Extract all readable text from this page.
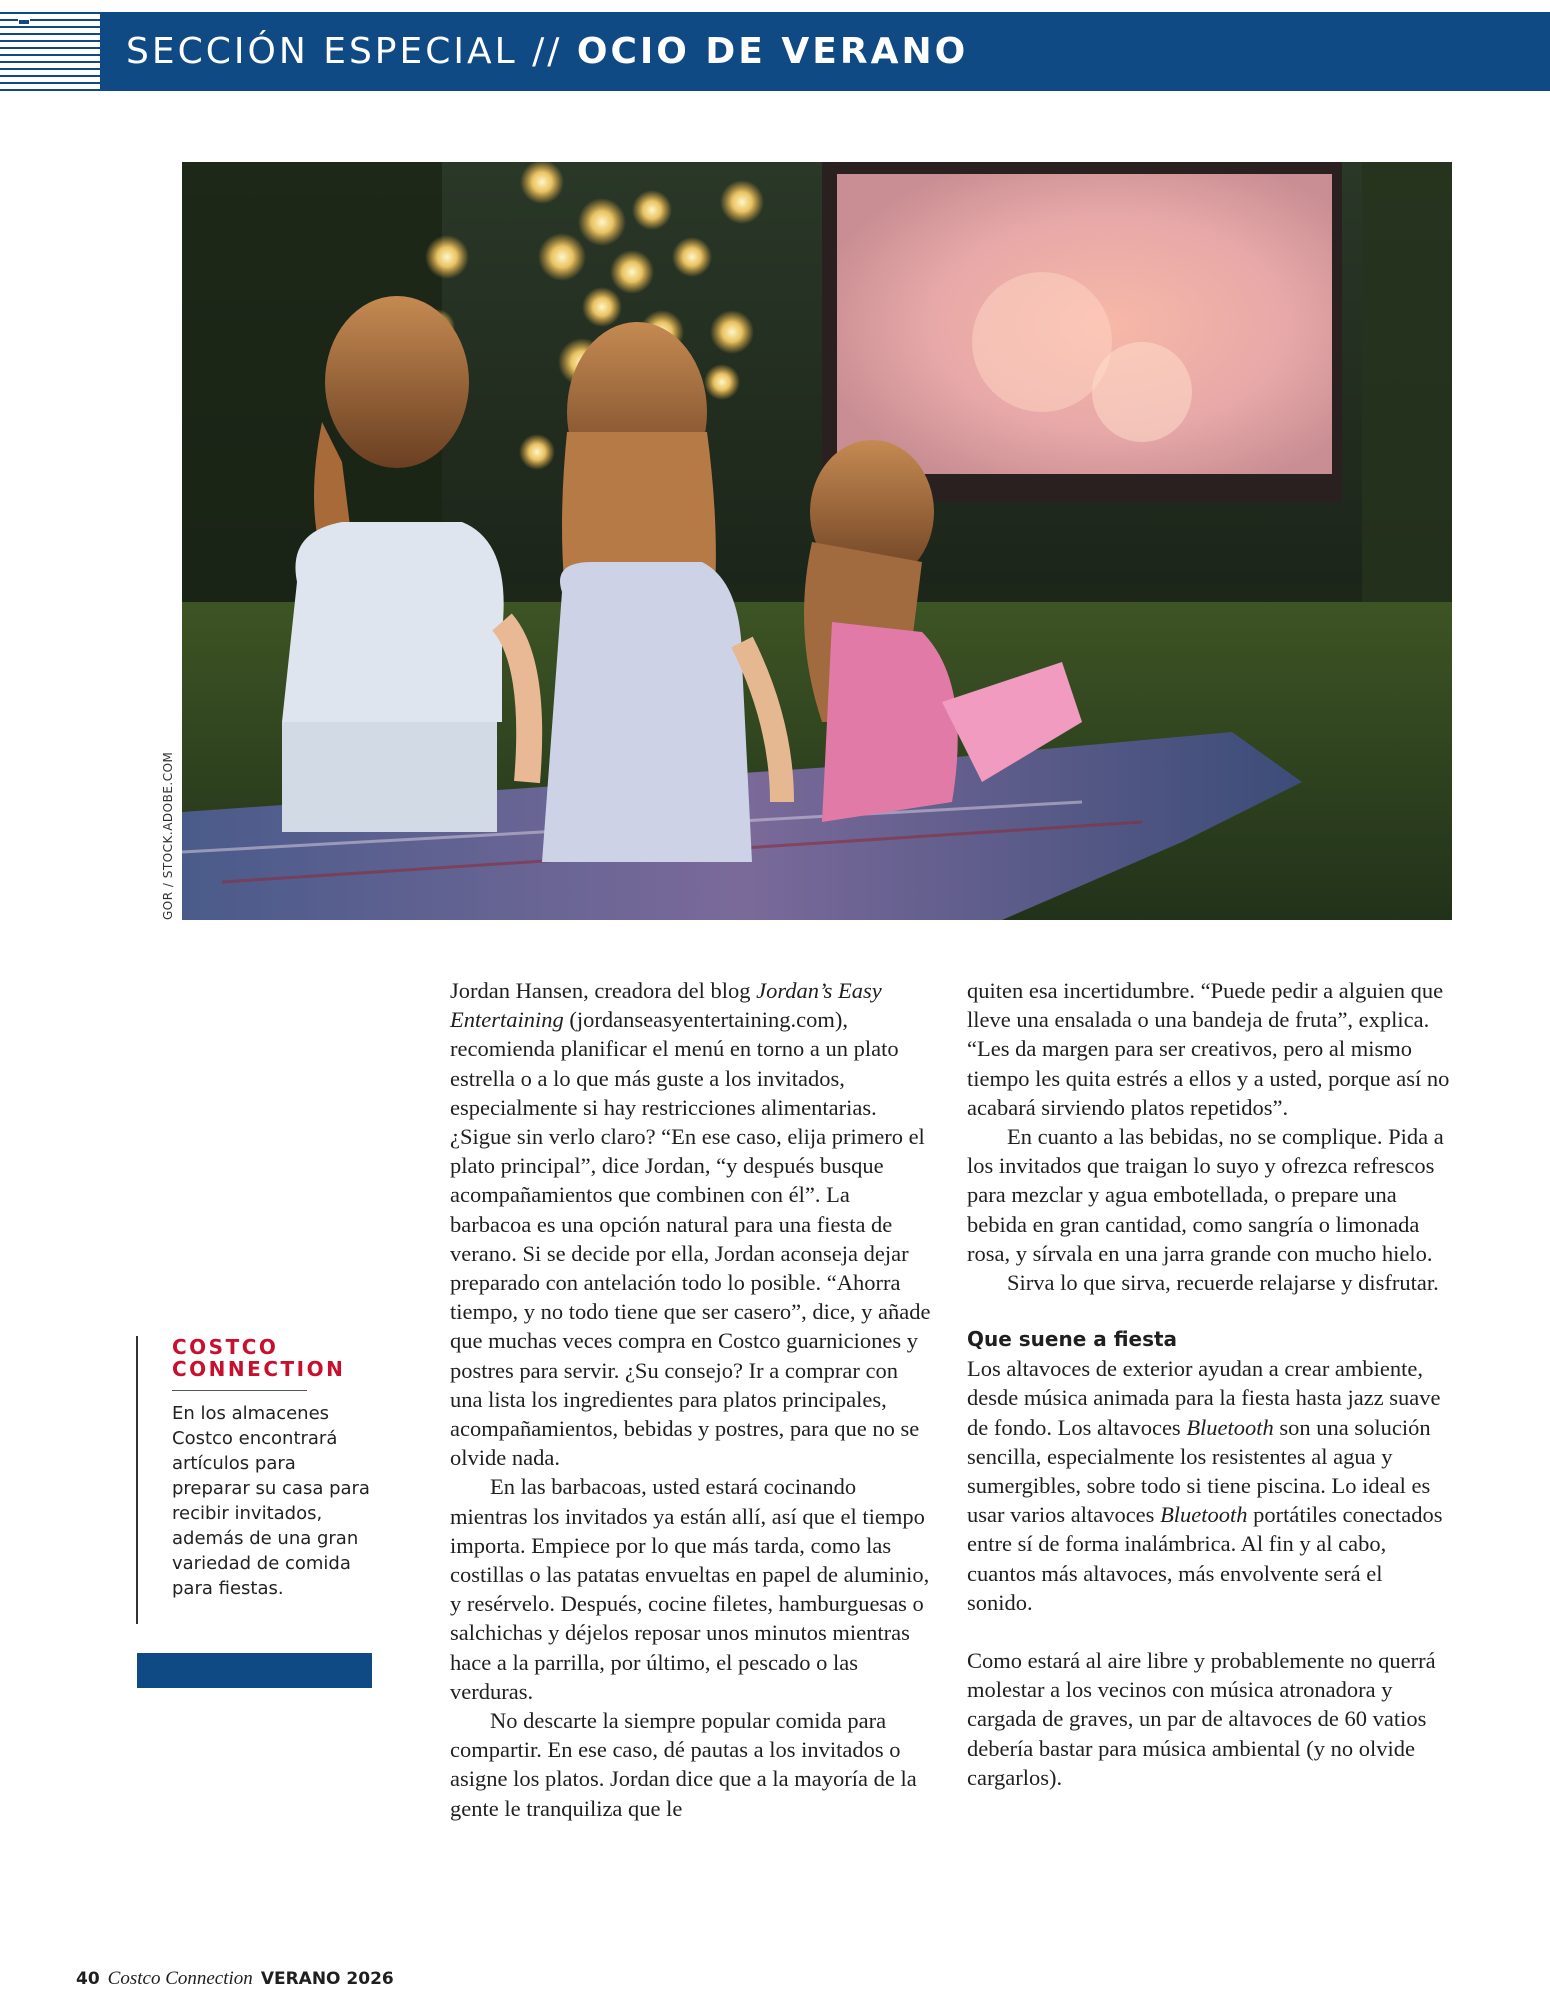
SECCIÓN ESPECIAL // OCIO DE VERANO
GOR / STOCK.ADOBE.COM
COSTCO
CONNECTION
En los almacenes Costco encontrará artículos para preparar su casa para recibir invitados, además de una gran variedad de comida para fiestas.

Jordan Hansen, creadora del blog Jordan’s Easy Entertaining (jordanseasyentertaining.com), recomienda planificar el menú en torno a un plato estrella o a lo que más guste a los invitados, especialmente si hay restricciones alimentarias. ¿Sigue sin verlo claro? “En ese caso, elija primero el plato principal”, dice Jordan, “y después busque acompañamientos que combinen con él”. La barbacoa es una opción natural para una fiesta de verano. Si se decide por ella, Jordan aconseja dejar preparado con antelación todo lo posible. “Ahorra tiempo, y no todo tiene que ser casero”, dice, y añade que muchas veces compra en Costco guarniciones y postres para servir. ¿Su consejo? Ir a comprar con una lista los ingredientes para platos principales, acompañamientos, bebidas y postres, para que no se olvide nada.

En las barbacoas, usted estará cocinando mientras los invitados ya están allí, así que el tiempo importa. Empiece por lo que más tarda, como las costillas o las patatas envueltas en papel de aluminio, y resérvelo. Después, cocine filetes, hamburguesas o salchichas y déjelos reposar unos minutos mientras hace a la parrilla, por último, el pescado o las verduras.

No descarte la siempre popular comida para compartir. En ese caso, dé pautas a los invitados o asigne los platos. Jordan dice que a la mayoría de la gente le tranquiliza que le

quiten esa incertidumbre. “Puede pedir a alguien que lleve una ensalada o una bandeja de fruta”, explica. “Les da margen para ser creativos, pero al mismo tiempo les quita estrés a ellos y a usted, porque así no acabará sirviendo platos repetidos”.

En cuanto a las bebidas, no se complique. Pida a los invitados que traigan lo suyo y ofrezca refrescos para mezclar y agua embotellada, o prepare una bebida en gran cantidad, como sangría o limonada rosa, y sírvala en una jarra grande con mucho hielo.

Sirva lo que sirva, recuerde relajarse y disfrutar.

Que suene a fiesta

Los altavoces de exterior ayudan a crear ambiente, desde música animada para la fiesta hasta jazz suave de fondo. Los altavoces Bluetooth son una solución sencilla, especialmente los resistentes al agua y sumergibles, sobre todo si tiene piscina. Lo ideal es usar varios altavoces Bluetooth portátiles conectados entre sí de forma inalámbrica. Al fin y al cabo, cuantos más altavoces, más envolvente será el sonido.

Como estará al aire libre y probablemente no querrá molestar a los vecinos con música atronadora y cargada de graves, un par de altavoces de 60 vatios debería bastar para música ambiental (y no olvide cargarlos).

40 Costco Connection VERANO 2026
